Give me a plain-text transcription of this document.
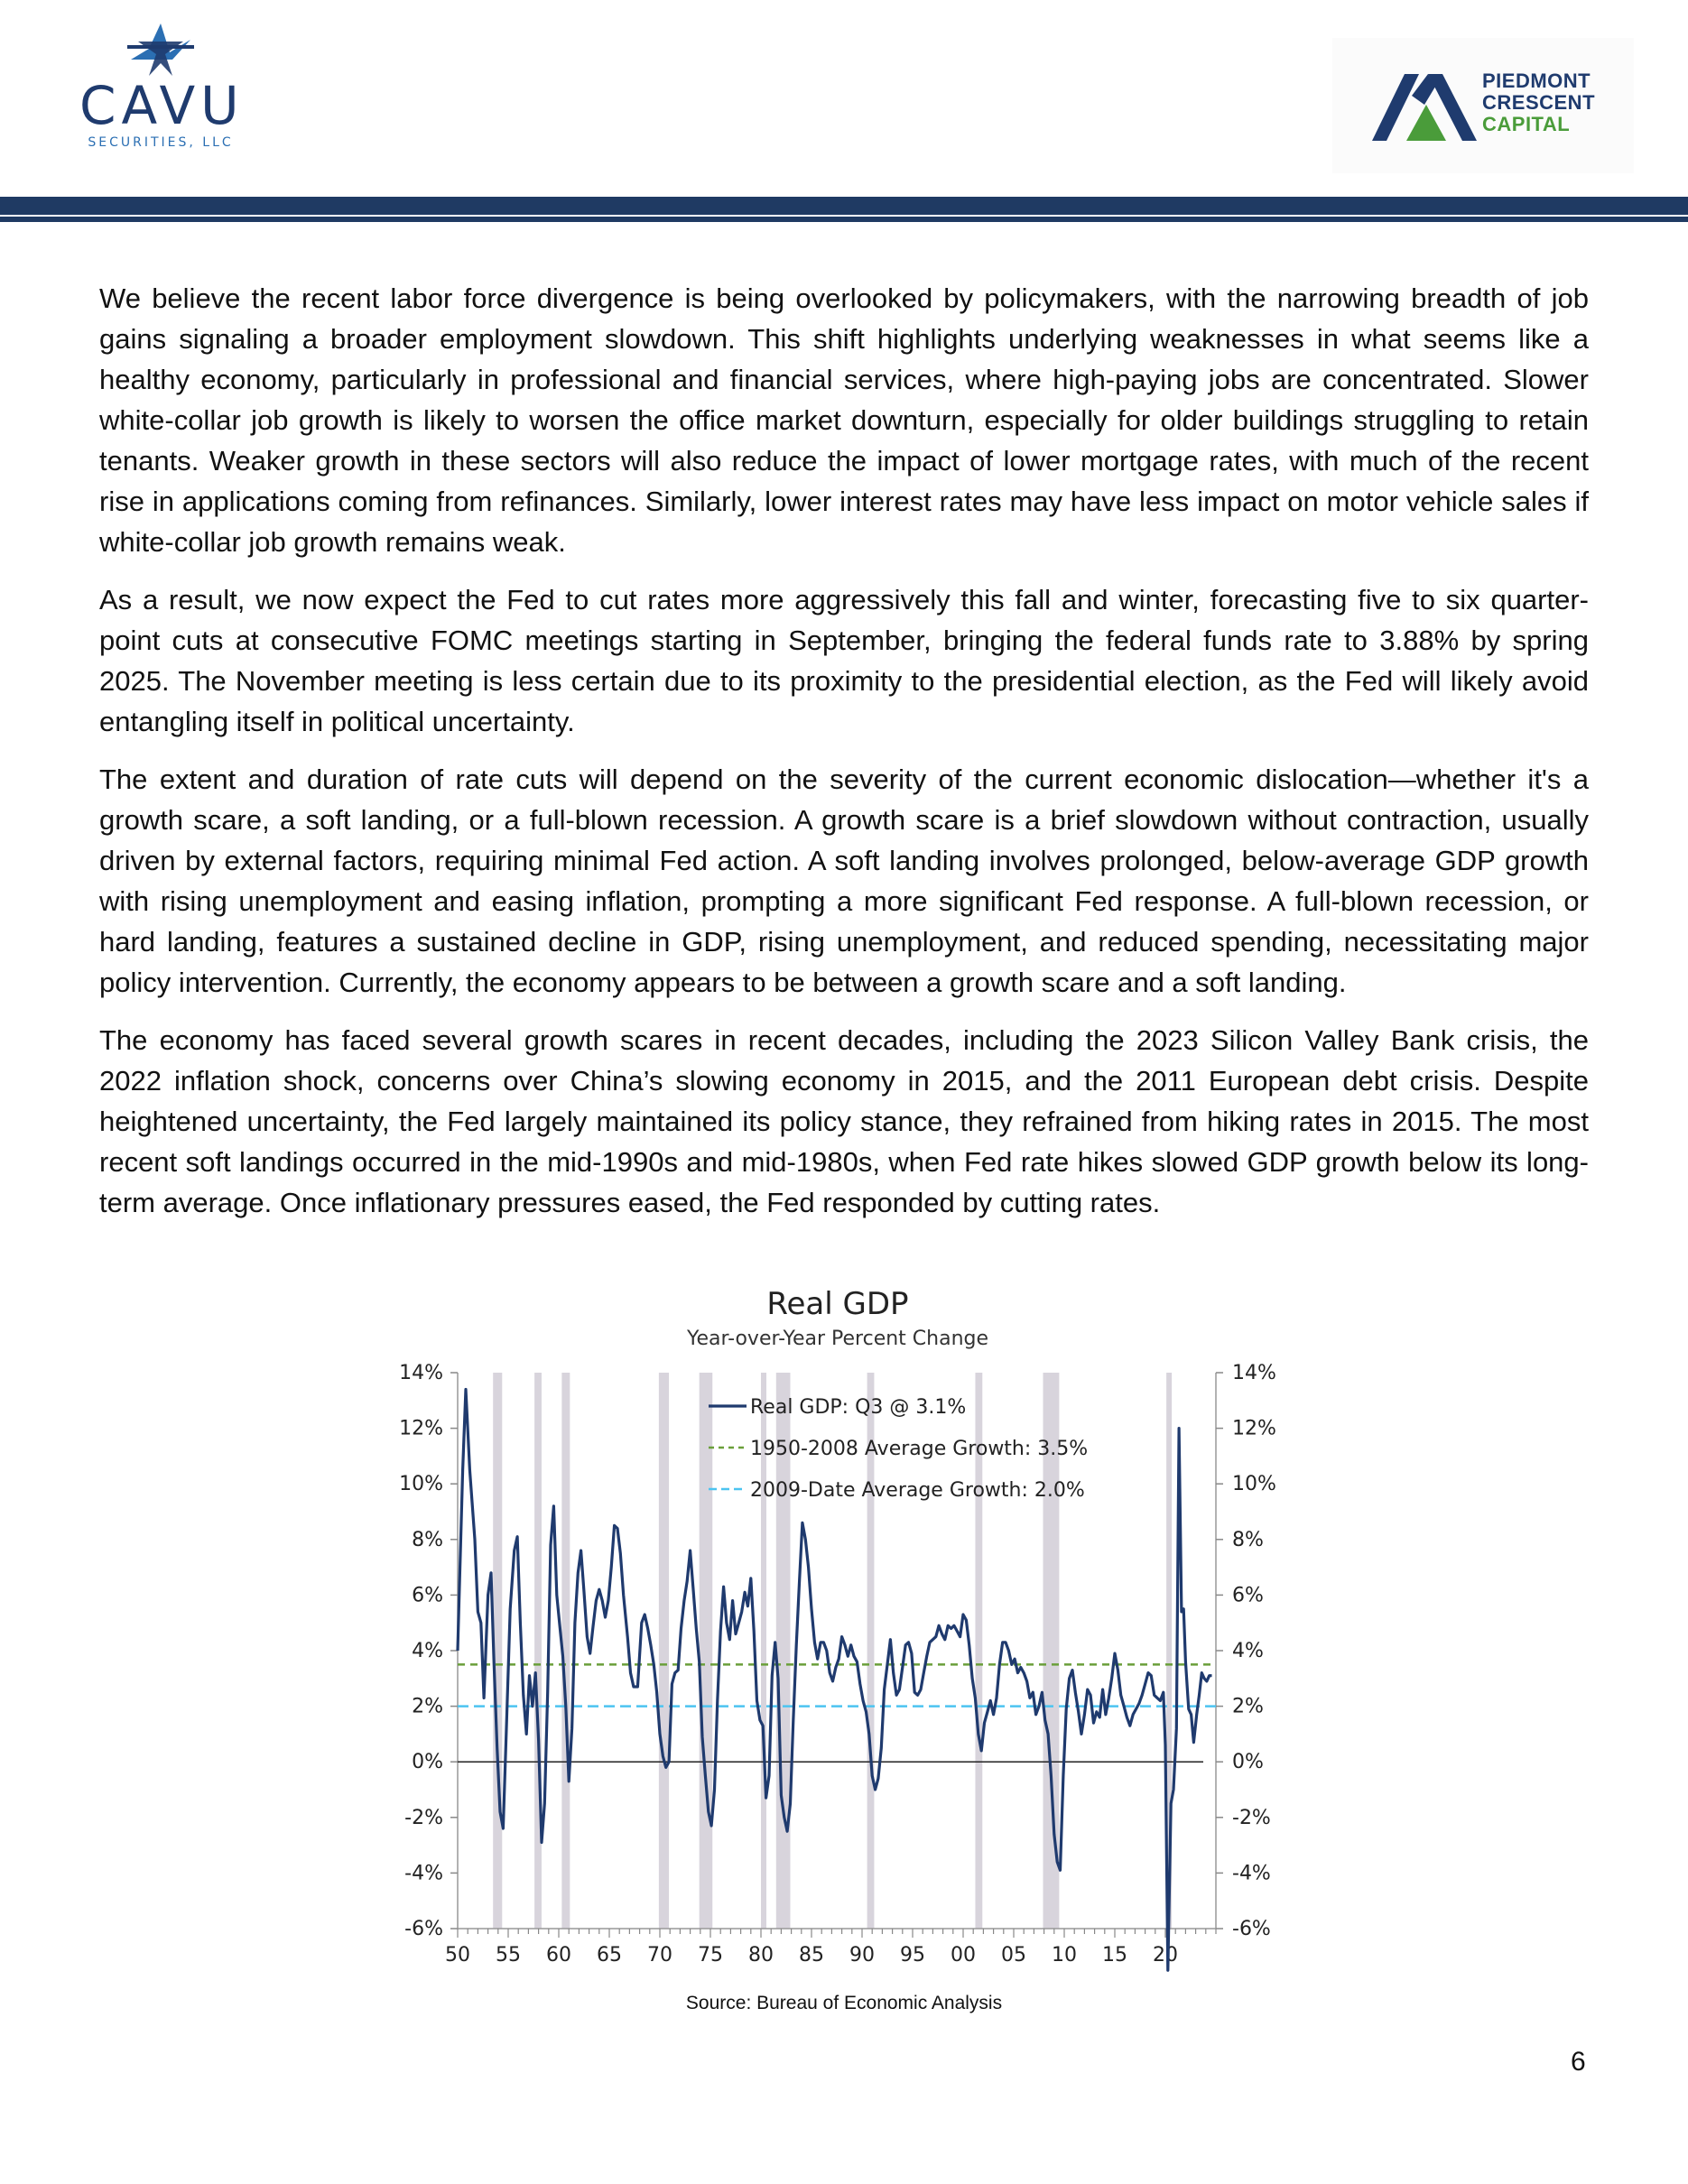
CAVU
SECURITIES, LLC
PIEDMONT
CRESCENT
CAPITAL

We believe the recent labor force divergence is being overlooked by policymakers, with the narrowing breadth of job gains signaling a broader employment slowdown. This shift highlights underlying weaknesses in what seems like a healthy economy, particularly in professional and financial services, where high-paying jobs are concentrated. Slower white-collar job growth is likely to worsen the office market downturn, especially for older buildings struggling to retain tenants. Weaker growth in these sectors will also reduce the impact of lower mortgage rates, with much of the recent rise in applications coming from refinances. Similarly, lower interest rates may have less impact on motor vehicle sales if white-collar job growth remains weak.

As a result, we now expect the Fed to cut rates more aggressively this fall and winter, forecasting five to six quarter-point cuts at consecutive FOMC meetings starting in September, bringing the federal funds rate to 3.88% by spring 2025. The November meeting is less certain due to its proximity to the presidential election, as the Fed will likely avoid entangling itself in political uncertainty.

The extent and duration of rate cuts will depend on the severity of the current economic dislocation—whether it's a growth scare, a soft landing, or a full-blown recession. A growth scare is a brief slowdown without contraction, usually driven by external factors, requiring minimal Fed action. A soft landing involves prolonged, below-average GDP growth with rising unemployment and easing inflation, prompting a more significant Fed response. A full-blown recession, or hard landing, features a sustained decline in GDP, rising unemployment, and reduced spending, necessitating major policy intervention. Currently, the economy appears to be between a growth scare and a soft landing.

The economy has faced several growth scares in recent decades, including the 2023 Silicon Valley Bank crisis, the 2022 inflation shock, concerns over China’s slowing economy in 2015, and the 2011 European debt crisis. Despite heightened uncertainty, the Fed largely maintained its policy stance, they refrained from hiking rates in 2015. The most recent soft landings occurred in the mid-1990s and mid-1980s, when Fed rate hikes slowed GDP growth below its long-term average. Once inflationary pressures eased, the Fed responded by cutting rates.

Real GDP
Year-over-Year Percent Change
-6%	-6%
-4%	-4%
-2%	-2%
0%	0%
2%	2%
4%	4%
6%	6%
8%	8%
10%	10%
12%	12%
14%	14%
50 55 60 65 70 75 80 85 90 95 00 05 10 15 20
Real GDP: Q3 @ 3.1%
1950-2008 Average Growth: 3.5%
2009-Date Average Growth: 2.0%
Source: Bureau of Economic Analysis
6
